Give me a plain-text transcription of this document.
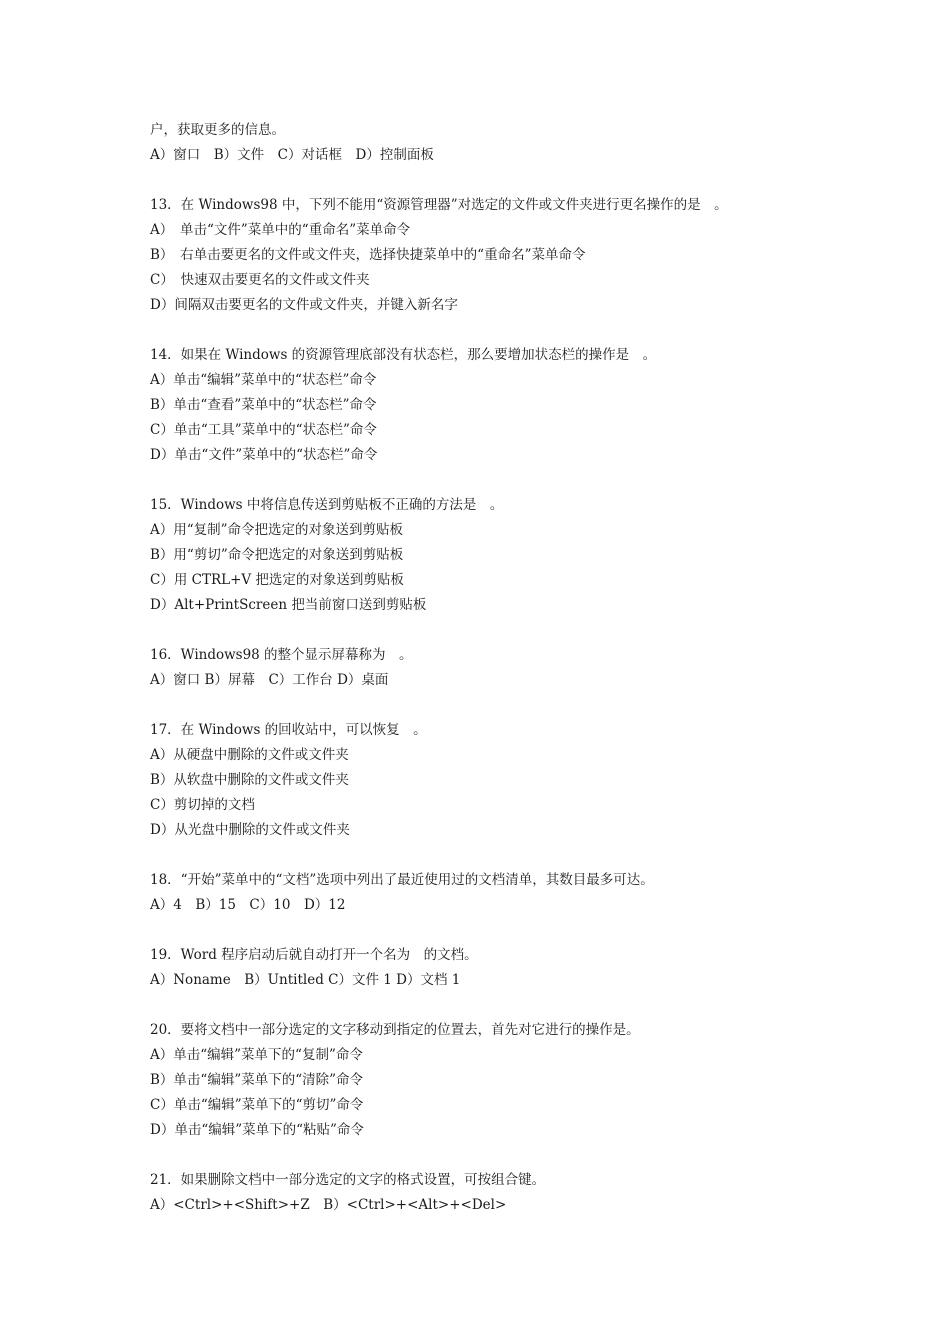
户，获取更多的信息。
A）窗口　B）文件　C）对话框　D）控制面板
13．在 Windows98 中，下列不能用“资源管理器”对选定的文件或文件夹进行更名操作的是　。
A）　单击“文件”菜单中的“重命名”菜单命令
B）　右单击要更名的文件或文件夹，选择快捷菜单中的“重命名”菜单命令
C）　快速双击要更名的文件或文件夹
D）间隔双击要更名的文件或文件夹，并键入新名字
14．如果在 Windows 的资源管理底部没有状态栏，那么要增加状态栏的操作是　。
A）单击“编辑”菜单中的“状态栏”命令
B）单击“查看”菜单中的“状态栏”命令
C）单击“工具”菜单中的“状态栏”命令
D）单击“文件”菜单中的“状态栏”命令
15．Windows 中将信息传送到剪贴板不正确的方法是　。
A）用“复制”命令把选定的对象送到剪贴板
B）用“剪切”命令把选定的对象送到剪贴板
C）用 CTRL+V 把选定的对象送到剪贴板
D）Alt+PrintScreen 把当前窗口送到剪贴板
16．Windows98 的整个显示屏幕称为　。
A）窗口 B）屏幕　C）工作台 D）桌面
17．在 Windows 的回收站中，可以恢复　。
A）从硬盘中删除的文件或文件夹
B）从软盘中删除的文件或文件夹
C）剪切掉的文档
D）从光盘中删除的文件或文件夹
18．“开始”菜单中的“文档”选项中列出了最近使用过的文档清单，其数目最多可达。
A）4　B）15　C）10　D）12
19．Word 程序启动后就自动打开一个名为　的文档。
A）Noname　B）Untitled C）文件 1 D）文档 1
20．要将文档中一部分选定的文字移动到指定的位置去，首先对它进行的操作是。
A）单击“编辑”菜单下的“复制”命令
B）单击“编辑”菜单下的“清除”命令
C）单击“编辑”菜单下的“剪切”命令
D）单击“编辑”菜单下的“粘贴”命令
21．如果删除文档中一部分选定的文字的格式设置，可按组合键。
A）<Ctrl>+<Shift>+Z　B）<Ctrl>+<Alt>+<Del>
